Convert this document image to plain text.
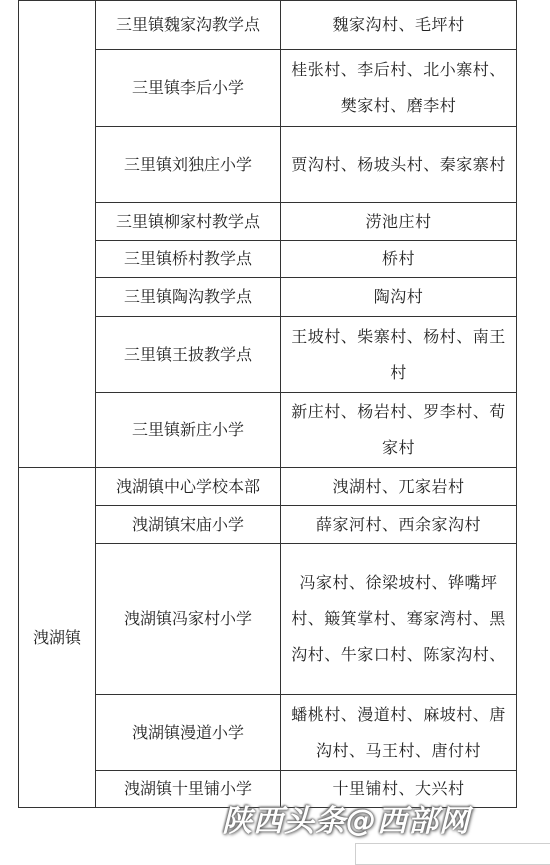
	三里镇魏家沟教学点	魏家沟村、毛坪村
	三里镇李后小学	桂张村、李后村、北小寨村、樊家村、磨李村
	三里镇刘独庄小学	贾沟村、杨坡头村、秦家寨村
	三里镇柳家村教学点	涝池庄村
	三里镇桥村教学点	桥村
	三里镇陶沟教学点	陶沟村
	三里镇王披教学点	王坡村、柴寨村、杨村、南王村
	三里镇新庄小学	新庄村、杨岩村、罗李村、荀家村
洩湖镇	洩湖镇中心学校本部	洩湖村、兀家岩村
	洩湖镇宋庙小学	薛家河村、西余家沟村
	洩湖镇冯家村小学	冯家村、徐梁坡村、铧嘴坪村、簸箕掌村、骞家湾村、黑沟村、牛家口村、陈家沟村、
	洩湖镇漫道小学	蟠桃村、漫道村、麻坡村、唐沟村、马王村、唐付村
	洩湖镇十里铺小学	十里铺村、大兴村
陕西头条@西部网
